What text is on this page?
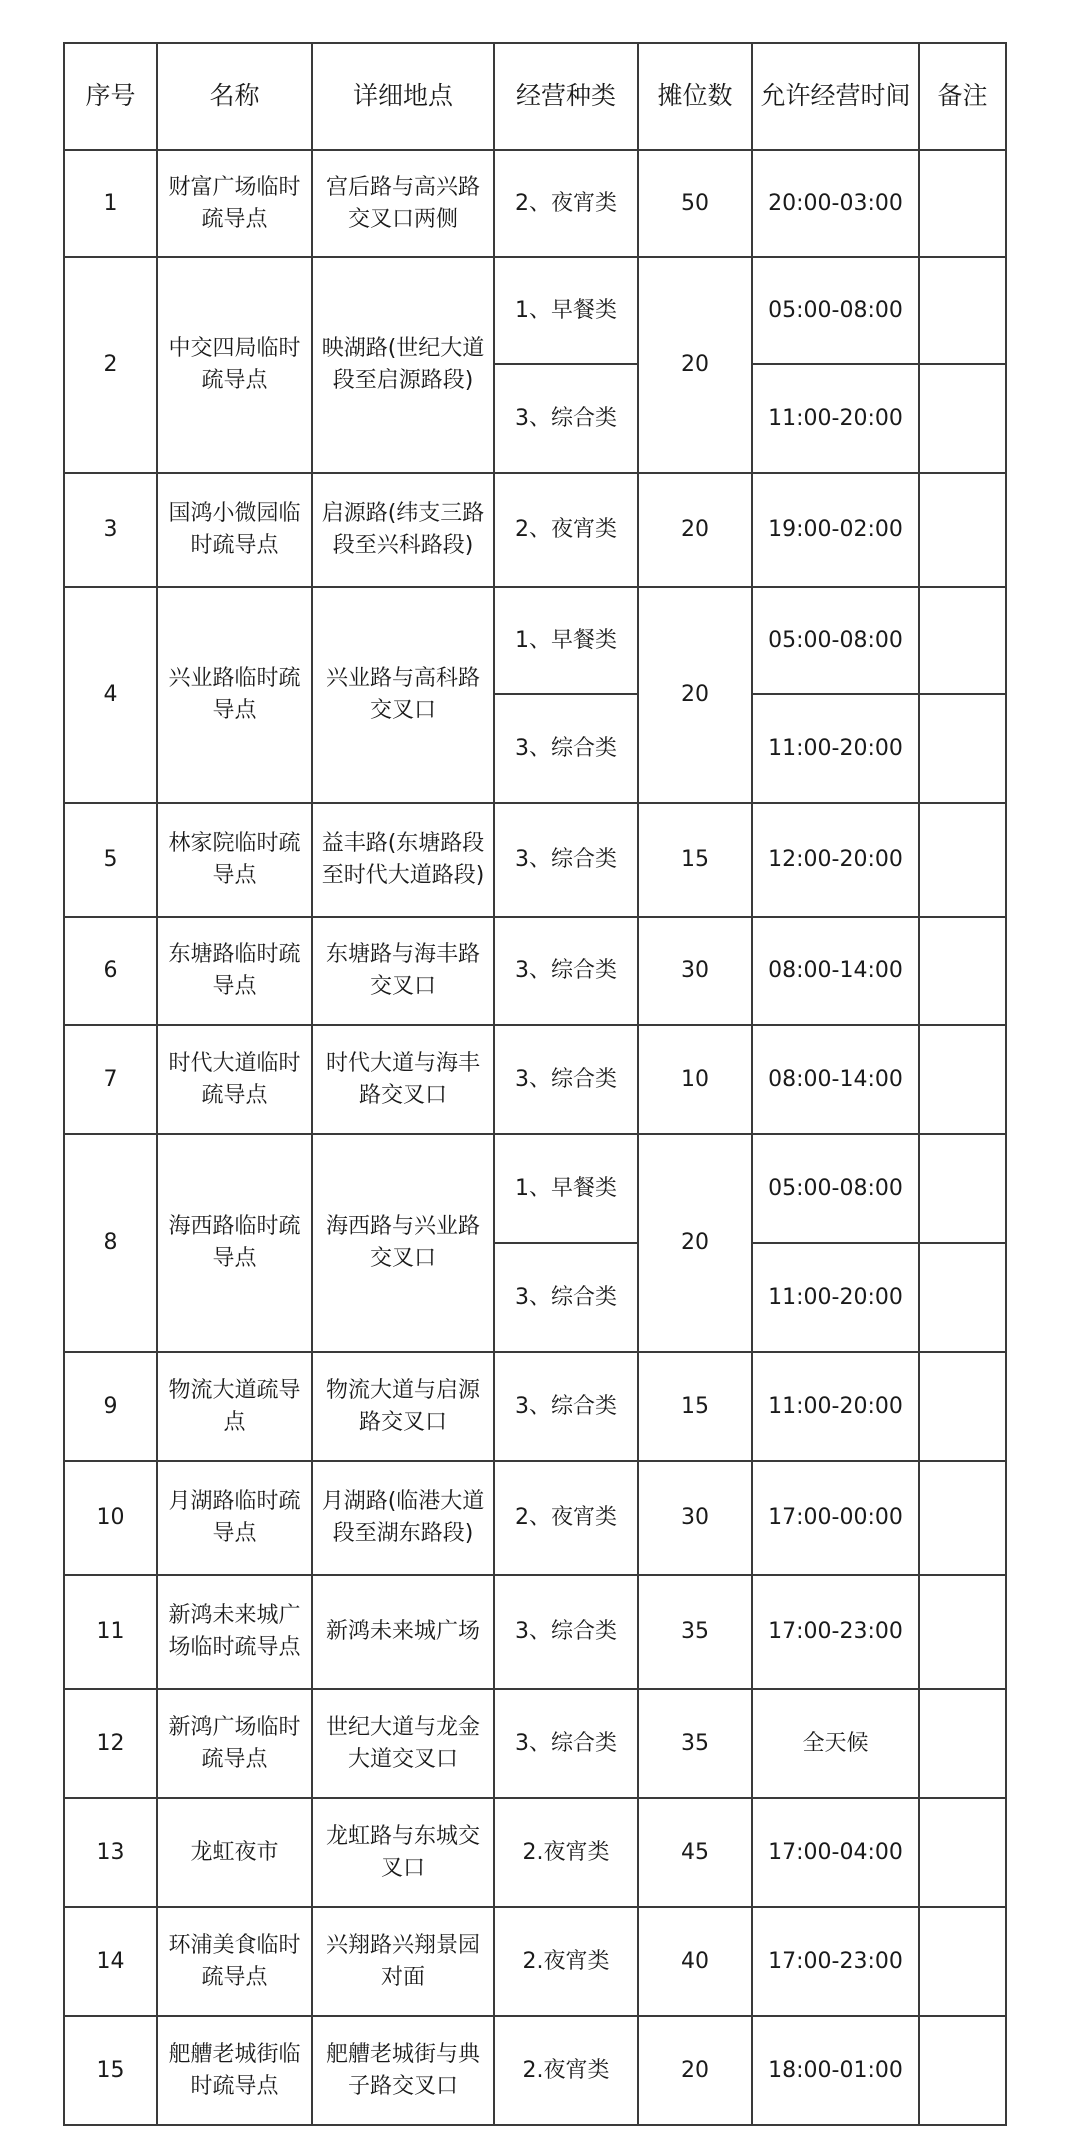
序号	名称	详细地点	经营种类	摊位数	允许经营时间	备注
1	财富广场临时疏导点	宫后路与高兴路交叉口两侧	2、夜宵类	50	20:00-03:00	
2	中交四局临时疏导点	映湖路(世纪大道段至启源路段)	1、早餐类	20	05:00-08:00	
			3、综合类		11:00-20:00	
3	国鸿小微园临时疏导点	启源路(纬支三路段至兴科路段)	2、夜宵类	20	19:00-02:00	
4	兴业路临时疏导点	兴业路与高科路交叉口	1、早餐类	20	05:00-08:00	
			3、综合类		11:00-20:00	
5	林家院临时疏导点	益丰路(东塘路段至时代大道路段)	3、综合类	15	12:00-20:00	
6	东塘路临时疏导点	东塘路与海丰路交叉口	3、综合类	30	08:00-14:00	
7	时代大道临时疏导点	时代大道与海丰路交叉口	3、综合类	10	08:00-14:00	
8	海西路临时疏导点	海西路与兴业路交叉口	1、早餐类	20	05:00-08:00	
			3、综合类		11:00-20:00	
9	物流大道疏导点	物流大道与启源路交叉口	3、综合类	15	11:00-20:00	
10	月湖路临时疏导点	月湖路(临港大道段至湖东路段)	2、夜宵类	30	17:00-00:00	
11	新鸿未来城广场临时疏导点	新鸿未来城广场	3、综合类	35	17:00-23:00	
12	新鸿广场临时疏导点	世纪大道与龙金大道交叉口	3、综合类	35	全天候	
13	龙虹夜市	龙虹路与东城交叉口	2.夜宵类	45	17:00-04:00	
14	环浦美食临时疏导点	兴翔路兴翔景园对面	2.夜宵类	40	17:00-23:00	
15	舥艚老城街临时疏导点	舥艚老城街与典子路交叉口	2.夜宵类	20	18:00-01:00	
